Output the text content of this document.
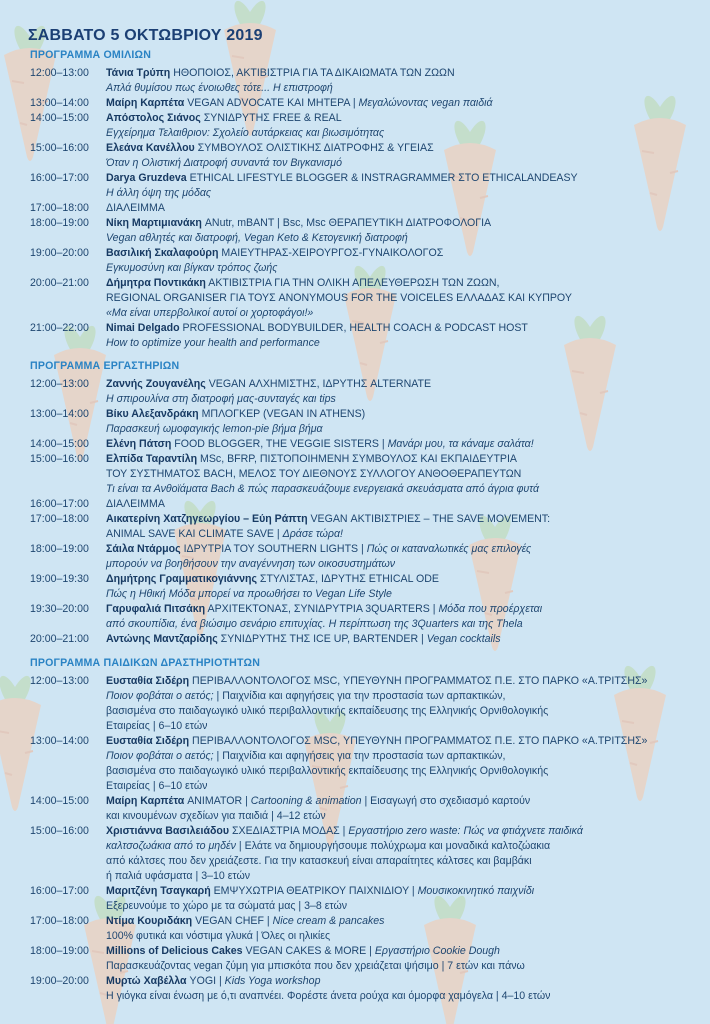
ΣΑΒΒΑΤΟ 5 ΟΚΤΩΒΡΙΟΥ 2019
ΠΡΟΓΡΑΜΜΑ ΟΜΙΛΙΩΝ
12:00–13:00	Τάνια Τρύπη ΗΘΟΠΟΙΟΣ, ΑΚΤΙΒΙΣΤΡΙΑ ΓΙΑ ΤΑ ΔΙΚΑΙΩΜΑΤΑ ΤΩΝ ΖΩΩΝ
Απλά θυμίσου πως ένοιωθες τότε... Η επιστροφή
13:00–14:00	Μαίρη Καρπέτα VEGAN ADVOCATE ΚΑΙ ΜΗΤΕΡΑ | Μεγαλώνοντας vegan παιδιά
14:00–15:00	Απόστολος Σιάνος ΣΥΝΙΔΡΥΤΗΣ FREE & REAL
Εγχείρημα Τελαιθριον: Σχολείο αυτάρκειας και βιωσιμότητας
15:00–16:00	Ελεάνα Κανέλλου ΣΥΜΒΟΥΛΟΣ ΟΛΙΣΤΙΚΗΣ ΔΙΑΤΡΟΦΗΣ & ΥΓΕΙΑΣ
Όταν η Ολιστική Διατροφή συναντά τον Βιγκανισμό
16:00–17:00	Darya Gruzdeva ETHICAL LIFESTYLE BLOGGER & INSTRAGRAMMER ΣΤΟ ETHICALANDEASY
Η άλλη όψη της μόδας
17:00–18:00	ΔΙΑΛΕΙΜΜΑ
18:00–19:00	Νίκη Μαρτιμιανάκη ANutr, mBANT | Bsc, Msc ΘΕΡΑΠΕΥΤΙΚΗ ΔΙΑΤΡΟΦΟΛΟΓΙΑ
Vegan αθλητές και διατροφή, Vegan Keto & Κετογενική διατροφή
19:00–20:00	Βασιλική Σκαλαφούρη ΜΑΙΕΥΤΗΡΑΣ-ΧΕΙΡΟΥΡΓΟΣ-ΓΥΝΑΙΚΟΛΟΓΟΣ
Εγκυμοσύνη και βίγκαν τρόπος ζωής
20:00–21:00	Δήμητρα Ποντικάκη ΑΚΤΙΒΙΣΤΡΙΑ ΓΙΑ ΤΗΝ ΟΛΙΚΗ ΑΠΕΛΕΥΘΕΡΩΣΗ ΤΩΝ ΖΩΩΝ,
REGIONAL ORGANISER ΓΙΑ ΤΟΥΣ ANONYMOUS FOR THE VOICELES ΕΛΛΑΔΑΣ ΚΑΙ ΚΥΠΡΟΥ
«Μα είναι υπερβολικοί αυτοί οι χορτοφάγοι!»
21:00–22:00	Nimai Delgado PROFESSIONAL BODYBUILDER, HEALTH COACH & PODCAST HOST
How to optimize your health and performance
ΠΡΟΓΡΑΜΜΑ ΕΡΓΑΣΤΗΡΙΩΝ
12:00–13:00	Ζαννής Ζουγανέλης VEGAN ΑΛΧΗΜΙΣΤΗΣ, ΙΔΡΥΤΗΣ ALTERNATE
Η σπιρουλίνα στη διατροφή μας-συνταγές και tips
13:00–14:00	Βίκυ Αλεξανδράκη ΜΠΛΟΓΚΕΡ (VEGAN IN ATHENS)
Παρασκευή ωμοφαγικής lemon-pie βήμα βήμα
14:00–15:00	Ελένη Πάτση FOOD BLOGGER, THE VEGGIE SISTERS | Μανάρι μου, τα κάναμε σαλάτα!
15:00–16:00	Ελπίδα Ταραντίλη MSc, BFRP, ΠΙΣΤΟΠΟΙΗΜΕΝΗ ΣΥΜΒΟΥΛΟΣ ΚΑΙ ΕΚΠΑΙΔΕΥΤΡΙΑ
ΤΟΥ ΣΥΣΤΗΜΑΤΟΣ BACH, ΜΕΛΟΣ ΤΟΥ ΔΙΕΘΝΟΥΣ ΣΥΛΛΟΓΟΥ ΑΝΘΟΘΕΡΑΠΕΥΤΩΝ
Τι είναι τα Ανθοϊάματα Bach & πώς παρασκευάζουμε ενεργειακά σκευάσματα από άγρια φυτά
16:00–17:00	ΔΙΑΛΕΙΜΜΑ
17:00–18:00	Αικατερίνη Χατζηγεωργίου – Εύη Ράπτη VEGAN ΑΚΤΙΒΙΣΤΡΙΕΣ – THE SAVE MOVEMENT:
ANIMAL SAVE KAI CLIMATE SAVE | Δράσε τώρα!
18:00–19:00	Σάιλα Ντάρμος ΙΔΡΥΤΡΙΑ ΤΟΥ SOUTHERN LIGHTS | Πώς οι καταναλωτικές μας επιλογές
μπορούν να βοηθήσουν την αναγέννηση των οικοσυστημάτων
19:00–19:30	Δημήτρης Γραμματικογιάννης ΣΤΥΛΙΣΤΑΣ, ΙΔΡΥΤΗΣ ETHICAL ODE
Πώς η Ηθική Μόδα μπορεί να προωθήσει το Vegan Life Style
19:30–20:00	Γαρυφαλιά Πιτσάκη ΑΡΧΙΤΕΚΤΟΝΑΣ, ΣΥΝΙΔΡΥΤΡΙΑ 3QUARTERS | Μόδα που προέρχεται
από σκουπίδια, ένα βιώσιμο σενάριο επιτυχίας. Η περίπτωση της 3Quarters και της Thela
20:00–21:00	Αντώνης Μαντζαρίδης ΣΥΝΙΔΡΥΤΗΣ ΤΗΣ ICE UP, BARTENDER | Vegan cocktails
ΠΡΟΓΡΑΜΜΑ ΠΑΙΔΙΚΩΝ ΔΡΑΣΤΗΡΙΟΤΗΤΩΝ
12:00–13:00	Ευσταθία Σιδέρη ΠΕΡΙΒΑΛΛΟΝΤΟΛΟΓΟΣ MSC, ΥΠΕΥΘΥΝΗ ΠΡΟΓΡΑΜΜΑΤΟΣ Π.Ε. ΣΤΟ ΠΑΡΚΟ «Α.ΤΡΙΤΣΗΣ»
Ποιον φοβάται ο αετός; | Παιχνίδια και αφηγήσεις για την προστασία των αρπακτικών,
βασισμένα στο παιδαγωγικό υλικό περιβαλλοντικής εκπαίδευσης της Ελληνικής Ορνιθολογικής
Εταιρείας | 6–10 ετών
13:00–14:00	Ευσταθία Σιδέρη ΠΕΡΙΒΑΛΛΟΝΤΟΛΟΓΟΣ MSC, ΥΠΕΥΘΥΝΗ ΠΡΟΓΡΑΜΜΑΤΟΣ Π.Ε. ΣΤΟ ΠΑΡΚΟ «Α.ΤΡΙΤΣΗΣ»
Ποιον φοβάται ο αετός; | Παιχνίδια και αφηγήσεις για την προστασία των αρπακτικών,
βασισμένα στο παιδαγωγικό υλικό περιβαλλοντικής εκπαίδευσης της Ελληνικής Ορνιθολογικής
Εταιρείας | 6–10 ετών
14:00–15:00	Μαίρη Καρπέτα ANIMATOR | Cartooning & animation | Εισαγωγή στο σχεδιασμό καρτούν
και κινουμένων σχεδίων για παιδιά | 4–12 ετών
15:00–16:00	Χριστιάννα Βασιλειάδου ΣΧΕΔΙΑΣΤΡΙΑ ΜΟΔΑΣ | Εργαστήριο zero waste: Πώς να φτιάχνετε παιδικά
καλτσοζωάκια από το μηδέν | Ελάτε να δημιουργήσουμε πολύχρωμα και μοναδικά καλτοζώακια
από κάλτσες που δεν χρειάζεστε. Για την κατασκευή είναι απαραίτητες κάλτσες και βαμβάκι
ή παλιά υφάσματα | 3–10 ετών
16:00–17:00	Μαριτζένη Τσαγκαρή ΕΜΨΥΧΩΤΡΙΑ ΘΕΑΤΡΙΚΟΥ ΠΑΙΧΝΙΔΙΟΥ | Μουσικοκινητικό παιχνίδι
Εξερευνούμε το χώρο με τα σώματά μας | 3–8 ετών
17:00–18:00	Ντίμα Κουριδάκη VEGAN CHEF | Nice cream & pancakes
100% φυτικά και νόστιμα γλυκά | Όλες οι ηλικίες
18:00–19:00	Millions of Delicious Cakes VEGAN CAKES & MORE | Εργαστήριο Cookie Dough
Παρασκευάζοντας vegan ζύμη για μπισκότα που δεν χρειάζεται ψήσιμο | 7 ετών και πάνω
19:00–20:00	Μυρτώ Χαβέλλα YOGI | Kids Yoga workshop
Η γιόγκα είναι ένωση με ό,τι αναπνέει. Φορέστε άνετα ρούχα και όμορφα χαμόγελα | 4–10 ετών
